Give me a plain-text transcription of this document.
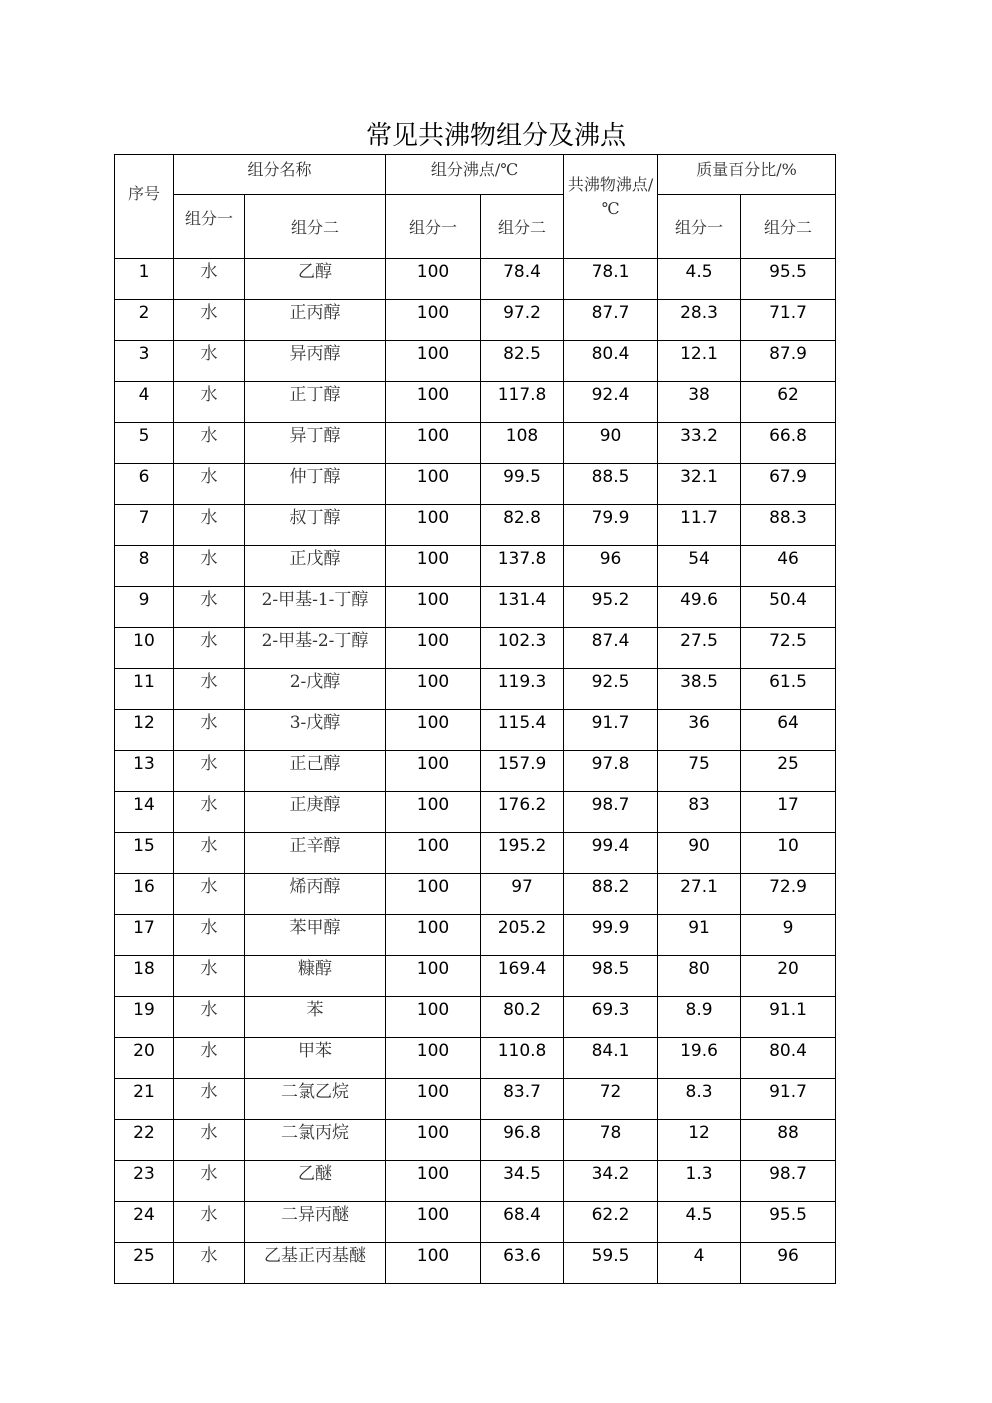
常见共沸物组分及沸点
序号	组分名称		组分沸点/℃		共沸物沸点/℃	质量百分比/%	
	组分一	组分二	组分一	组分二		组分一	组分二
1	水	乙醇	100	78.4	78.1	4.5	95.5
2	水	正丙醇	100	97.2	87.7	28.3	71.7
3	水	异丙醇	100	82.5	80.4	12.1	87.9
4	水	正丁醇	100	117.8	92.4	38	62
5	水	异丁醇	100	108	90	33.2	66.8
6	水	仲丁醇	100	99.5	88.5	32.1	67.9
7	水	叔丁醇	100	82.8	79.9	11.7	88.3
8	水	正戊醇	100	137.8	96	54	46
9	水	2-甲基-1-丁醇	100	131.4	95.2	49.6	50.4
10	水	2-甲基-2-丁醇	100	102.3	87.4	27.5	72.5
11	水	2-戊醇	100	119.3	92.5	38.5	61.5
12	水	3-戊醇	100	115.4	91.7	36	64
13	水	正己醇	100	157.9	97.8	75	25
14	水	正庚醇	100	176.2	98.7	83	17
15	水	正辛醇	100	195.2	99.4	90	10
16	水	烯丙醇	100	97	88.2	27.1	72.9
17	水	苯甲醇	100	205.2	99.9	91	9
18	水	糠醇	100	169.4	98.5	80	20
19	水	苯	100	80.2	69.3	8.9	91.1
20	水	甲苯	100	110.8	84.1	19.6	80.4
21	水	二氯乙烷	100	83.7	72	8.3	91.7
22	水	二氯丙烷	100	96.8	78	12	88
23	水	乙醚	100	34.5	34.2	1.3	98.7
24	水	二异丙醚	100	68.4	62.2	4.5	95.5
25	水	乙基正丙基醚	100	63.6	59.5	4	96
